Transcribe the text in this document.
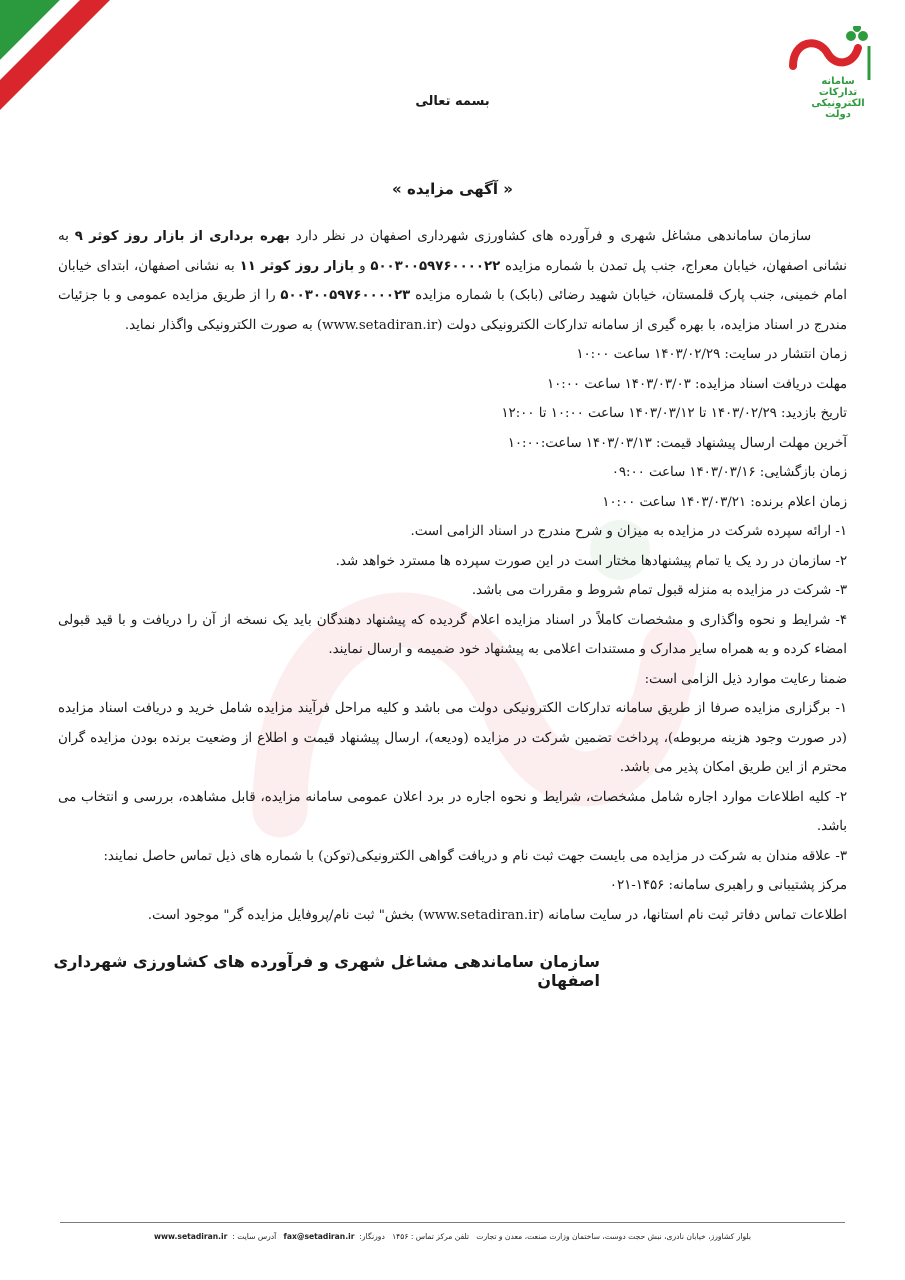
سامانه
تدارکات
الکترونیکی
دولت
بسمه تعالی
« آگهی مزایده »

سازمان ساماندهی مشاغل شهری و فرآورده های کشاورزی شهرداری اصفهان در نظر دارد بهره برداری از بازار روز کوثر ۹ به نشانی اصفهان، خیابان معراج، جنب پل تمدن با شماره مزایده ۵۰۰۳۰۰۵۹۷۶۰۰۰۰۲۲ و بازار روز کوثر ۱۱ به نشانی اصفهان، ابتدای خیابان امام خمینی، جنب پارک قلمستان، خیابان شهید رضائی (بابک) با شماره مزایده ۵۰۰۳۰۰۵۹۷۶۰۰۰۰۲۳ را از طریق مزایده عمومی و با جزئیات مندرج در اسناد مزایده، با بهره گیری از سامانه تدارکات الکترونیکی دولت (www.setadiran.ir) به صورت الکترونیکی واگذار نماید.

زمان انتشار در سایت: ۱۴۰۳/۰۲/۲۹ ساعت ۱۰:۰۰

مهلت دریافت اسناد مزایده: ۱۴۰۳/۰۳/۰۳ ساعت ۱۰:۰۰

تاریخ بازدید: ۱۴۰۳/۰۲/۲۹ تا ۱۴۰۳/۰۳/۱۲ ساعت ۱۰:۰۰ تا ۱۲:۰۰

آخرین مهلت ارسال پیشنهاد قیمت: ۱۴۰۳/۰۳/۱۳ ساعت:۱۰:۰۰

زمان بازگشایی: ۱۴۰۳/۰۳/۱۶ ساعت ۰۹:۰۰

زمان اعلام برنده: ۱۴۰۳/۰۳/۲۱ ساعت ۱۰:۰۰

۱- ارائه سپرده شرکت در مزایده به میزان و شرح مندرج در اسناد الزامی است.

۲- سازمان در رد یک یا تمام پیشنهادها مختار است در این صورت سپرده ها مسترد خواهد شد.

۳- شرکت در مزایده به منزله قبول تمام شروط و مقررات می باشد.

۴- شرایط و نحوه واگذاری و مشخصات کاملاً در اسناد مزایده اعلام گردیده که پیشنهاد دهندگان باید یک نسخه از آن را دریافت و با قید قبولی امضاء کرده و به همراه سایر مدارک و مستندات اعلامی به پیشنهاد خود ضمیمه و ارسال نمایند.

ضمنا رعایت موارد ذیل الزامی است:

۱- برگزاری مزایده صرفا از طریق سامانه تدارکات الکترونیکی دولت می باشد و کلیه مراحل فرآیند مزایده شامل خرید و دریافت اسناد مزایده (در صورت وجود هزینه مربوطه)، پرداخت تضمین شرکت در مزایده (ودیعه)، ارسال پیشنهاد قیمت و اطلاع از وضعیت برنده بودن مزایده گران محترم از این طریق امکان پذیر می باشد.

۲- کلیه اطلاعات موارد اجاره شامل مشخصات، شرایط و نحوه اجاره در برد اعلان عمومی سامانه مزایده، قابل مشاهده، بررسی و انتخاب می باشد.

۳- علاقه مندان به شرکت در مزایده می بایست جهت ثبت نام و دریافت گواهی الکترونیکی(توکن) با شماره های ذیل تماس حاصل نمایند:

مرکز پشتیبانی و راهبری سامانه: ۱۴۵۶-۰۲۱

اطلاعات تماس دفاتر ثبت نام استانها، در سایت سامانه (www.setadiran.ir) بخش" ثبت نام/پروفایل مزایده گر" موجود است.

سازمان ساماندهی مشاغل شهری و فرآورده های کشاورزی شهرداری اصفهان
بلوار کشاورز، خیابان نادری، نبش حجت دوست، ساختمان وزارت صنعت، معدن و تجارت   تلفن مرکز تماس : ۱۴۵۶   دورنگار:  fax@setadiran.ir   آدرس سایت :  www.setadiran.ir
